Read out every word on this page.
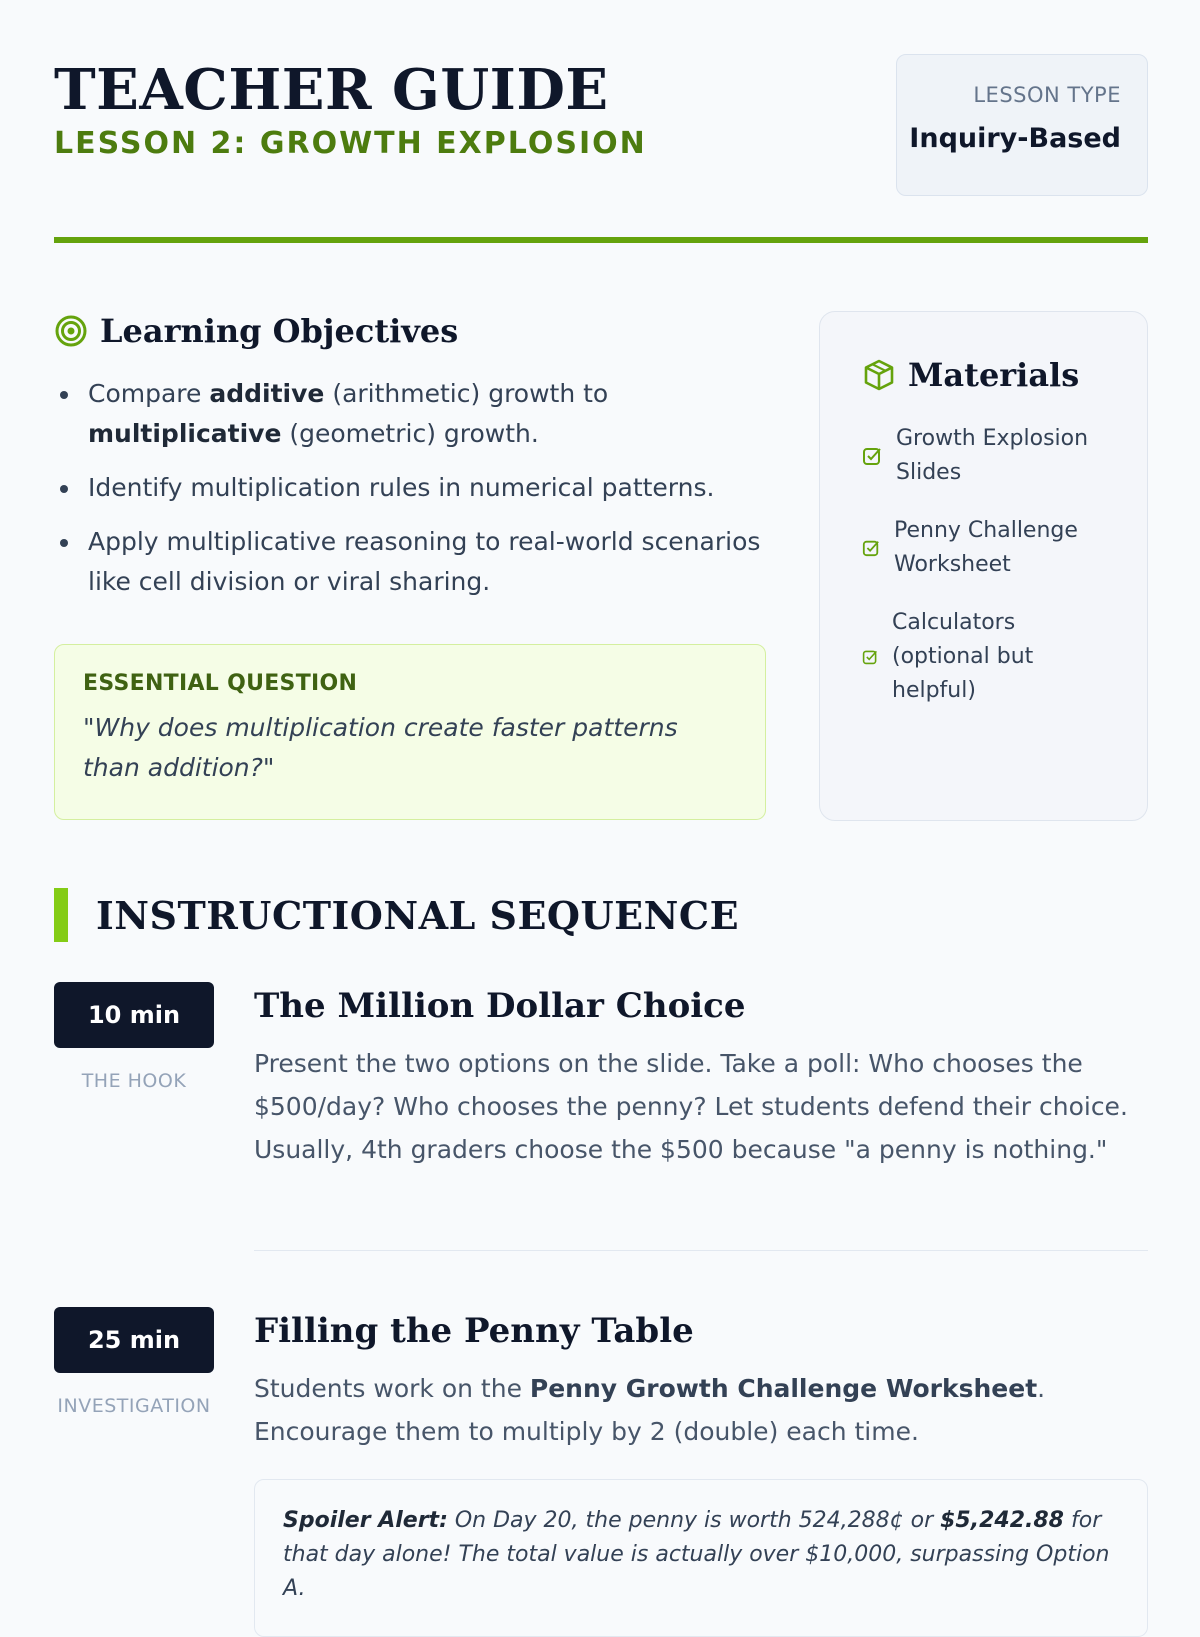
TEACHER GUIDE
LESSON 2: GROWTH EXPLOSION
LESSON TYPE
Inquiry-Based
Learning Objectives
Compare additive (arithmetic) growth to multiplicative (geometric) growth.
Identify multiplication rules in numerical patterns.
Apply multiplicative reasoning to real-world scenarios like cell division or viral sharing.
ESSENTIAL QUESTION
"Why does multiplication create faster patterns than addition?"
Materials
Growth Explosion Slides
Penny Challenge Worksheet
Calculators (optional but helpful)
INSTRUCTIONAL SEQUENCE
10 min
THE HOOK
The Million Dollar Choice

Present the two options on the slide. Take a poll: Who chooses the $500/day? Who chooses the penny? Let students defend their choice. Usually, 4th graders choose the $500 because "a penny is nothing."

25 min
INVESTIGATION
Filling the Penny Table

Students work on the Penny Growth Challenge Worksheet. Encourage them to multiply by 2 (double) each time.

Spoiler Alert: On Day 20, the penny is worth 524,288¢ or $5,242.88 for that day alone! The total value is actually over $10,000, surpassing Option A.
